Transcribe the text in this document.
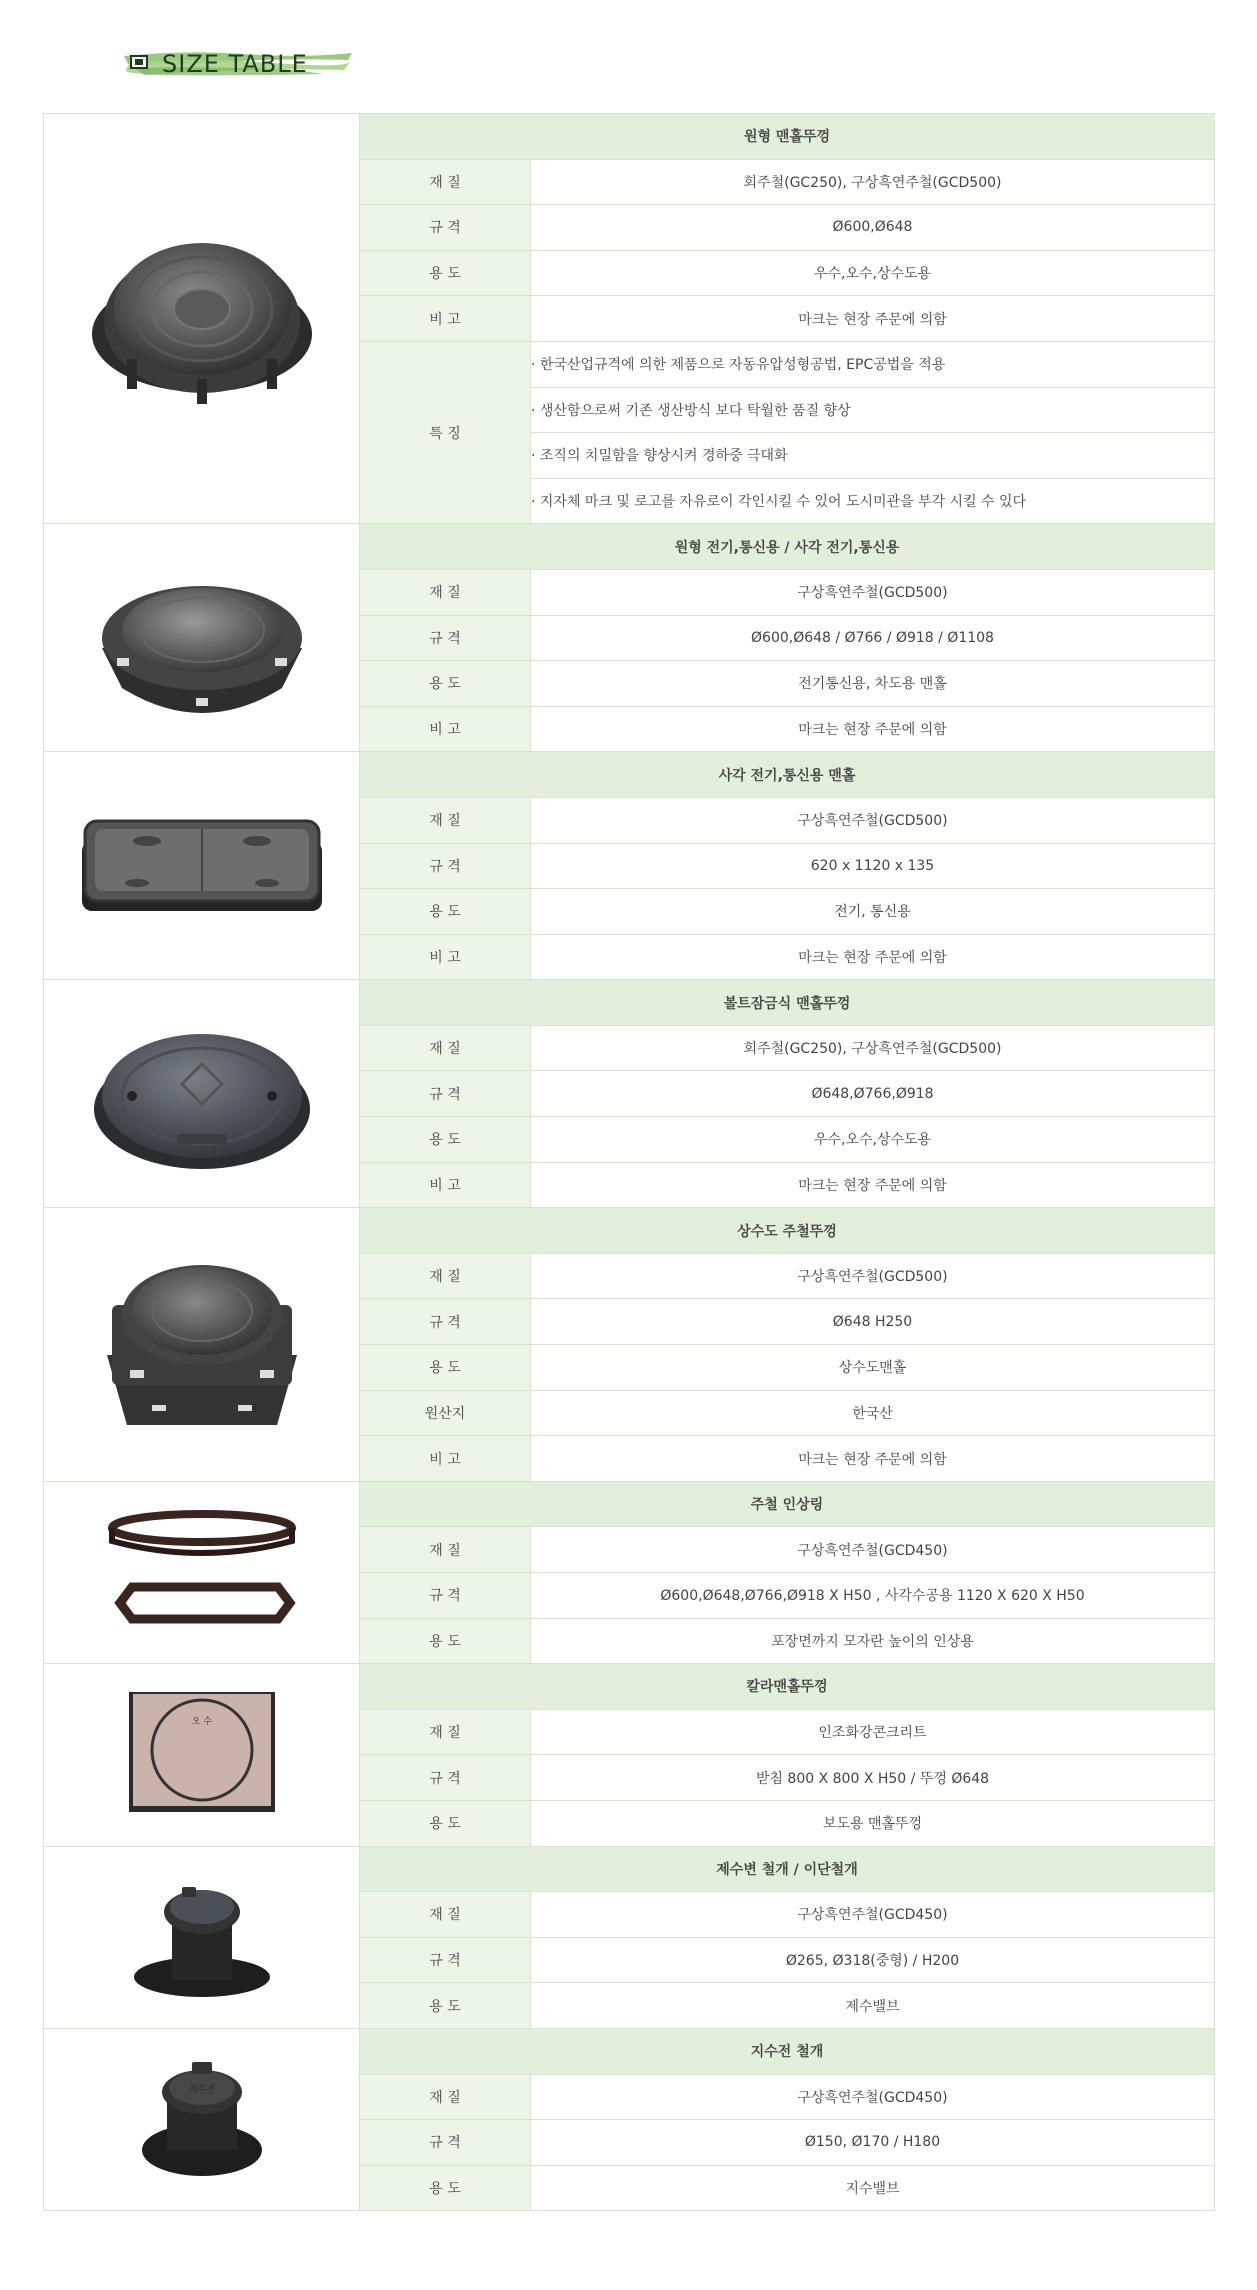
SIZE TABLE
	원형 맨홀뚜껑	
	재 질	회주철(GC250), 구상흑연주철(GCD500)
	규 격	Ø600,Ø648
	용 도	우수,오수,상수도용
	비 고	마크는 현장 주문에 의함
	특 징	· 한국산업규격에 의한 제품으로 자동유압성형공법, EPC공법을 적용
		· 생산함으로써 기존 생산방식 보다 탁월한 품질 향상
		· 조직의 치밀함을 향상시켜 경하중 극대화
		· 지자체 마크 및 로고를 자유로이 각인시킬 수 있어 도시미관을 부각 시킬 수 있다

	원형 전기,통신용 / 사각 전기,통신용	
	재 질	구상흑연주철(GCD500)
	규 격	Ø600,Ø648 / Ø766 / Ø918 / Ø1108
	용 도	전기통신용, 차도용 맨홀
	비 고	마크는 현장 주문에 의함

	사각 전기,통신용 맨홀	
	재 질	구상흑연주철(GCD500)
	규 격	620 x 1120 x 135
	용 도	전기, 통신용
	비 고	마크는 현장 주문에 의함

	볼트잠금식 맨홀뚜껑	
	재 질	회주철(GC250), 구상흑연주철(GCD500)
	규 격	Ø648,Ø766,Ø918
	용 도	우수,오수,상수도용
	비 고	마크는 현장 주문에 의함

	상수도 주철뚜껑	
	재 질	구상흑연주철(GCD500)
	규 격	Ø648 H250
	용 도	상수도맨홀
	원산지	한국산
	비 고	마크는 현장 주문에 의함

	주철 인상링	
	재 질	구상흑연주철(GCD450)
	규 격	Ø600,Ø648,Ø766,Ø918 X H50 , 사각수공용 1120 X 620 X H50
	용 도	포장면까지 모자란 높이의 인상용

오 수	칼라맨홀뚜껑	
	재 질	인조화강콘크리트
	규 격	받침 800 X 800 X H50 / 뚜껑 Ø648
	용 도	보도용 맨홀뚜껑

	제수변 철개 / 이단철개	
	재 질	구상흑연주철(GCD450)
	규 격	Ø265, Ø318(중형) / H200
	용 도	제수밸브

지수전	지수전 철개	
	재 질	구상흑연주철(GCD450)
	규 격	Ø150, Ø170 / H180
	용 도	지수밸브
